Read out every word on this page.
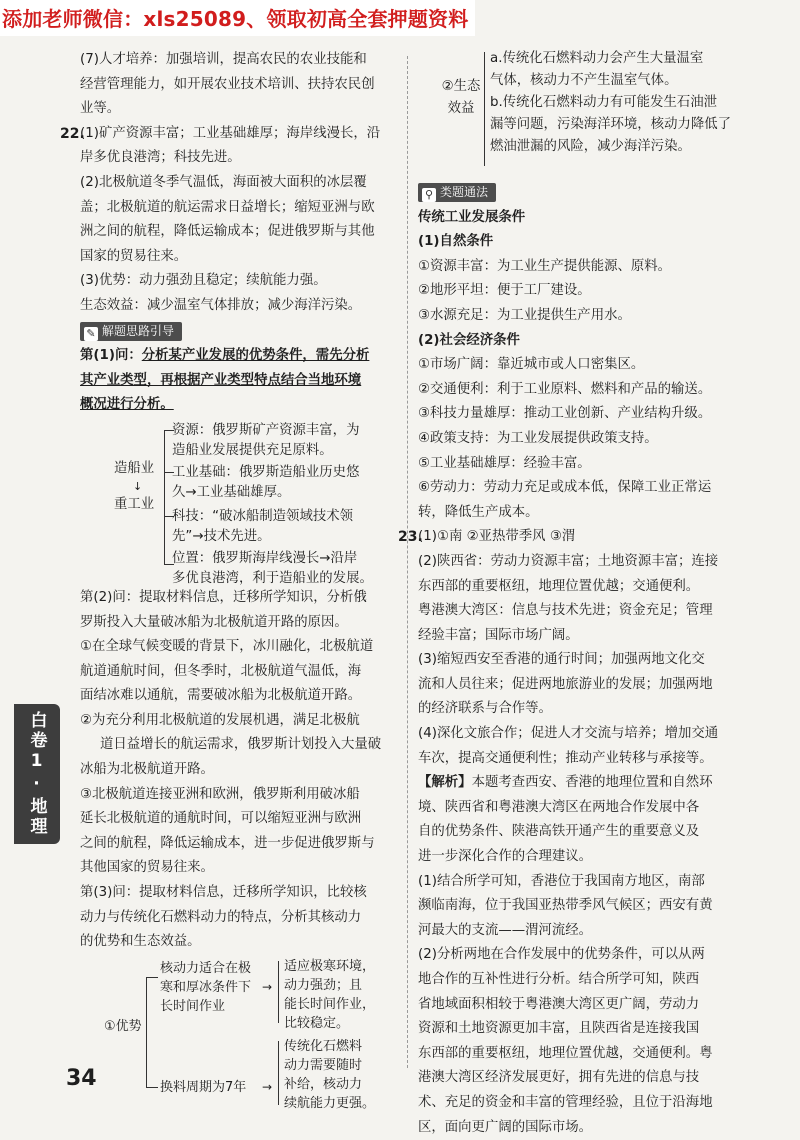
添加老师微信：xls25089、领取初高全套押题资料

(7)人才培养：加强培训，提高农民的农业技能和

经营管理能力，如开展农业技术培训、扶持农民创

业等。

22.

(1)矿产资源丰富；工业基础雄厚；海岸线漫长，沿

岸多优良港湾；科技先进。

(2)北极航道冬季气温低，海面被大面积的冰层覆

盖；北极航道的航运需求日益增长；缩短亚洲与欧

洲之间的航程，降低运输成本；促进俄罗斯与其他

国家的贸易往来。

(3)优势：动力强劲且稳定；续航能力强。

生态效益：减少温室气体排放；减少海洋污染。

✎ 解题思路引导

第(1)问：分析某产业发展的优势条件，需先分析

其产业类型，再根据产业类型特点结合当地环境

概况进行分析。

造船业
↓
重工业
资源：俄罗斯矿产资源丰富，为
造船业发展提供充足原料。
工业基础：俄罗斯造船业历史悠
久→工业基础雄厚。
科技：“破冰船制造领域技术领
先”→技术先进。
位置：俄罗斯海岸线漫长→沿岸
多优良港湾，利于造船业的发展。

第(2)问：提取材料信息，迁移所学知识，分析俄

罗斯投入大量破冰船为北极航道开路的原因。

①在全球气候变暖的背景下，冰川融化，北极航道

航道通航时间，但冬季时，北极航道气温低，海

面结冰难以通航，需要破冰船为北极航道开路。

②为充分利用北极航道的发展机遇，满足北极航

道日益增长的航运需求，俄罗斯计划投入大量破

冰船为北极航道开路。

③北极航道连接亚洲和欧洲，俄罗斯利用破冰船

延长北极航道的通航时间，可以缩短亚洲与欧洲

之间的航程，降低运输成本，进一步促进俄罗斯与

其他国家的贸易往来。

第(3)问：提取材料信息，迁移所学知识，比较核

动力与传统化石燃料动力的特点，分析其核动力

的优势和生态效益。

①优势
核动力适合在极
寒和厚冰条件下
长时间作业
→
适应极寒环境，
动力强劲；且
能长时间作业，
比较稳定。
换料周期为7年 →
传统化石燃料
动力需要随时
补给，核动力
续航能力更强。
②生态
效益
a.传统化石燃料动力会产生大量温室
气体，核动力不产生温室气体。
b.传统化石燃料动力有可能发生石油泄
漏等问题，污染海洋环境，核动力降低了
燃油泄漏的风险，减少海洋污染。
⚲ 类题通法

传统工业发展条件

(1)自然条件

①资源丰富：为工业生产提供能源、原料。

②地形平坦：便于工厂建设。

③水源充足：为工业提供生产用水。

(2)社会经济条件

①市场广阔：靠近城市或人口密集区。

②交通便利：利于工业原料、燃料和产品的输送。

③科技力量雄厚：推动工业创新、产业结构升级。

④政策支持：为工业发展提供政策支持。

⑤工业基础雄厚：经验丰富。

⑥劳动力：劳动力充足或成本低，保障工业正常运

转，降低生产成本。

23.

(1)①南 ②亚热带季风 ③渭

(2)陕西省：劳动力资源丰富；土地资源丰富；连接

东西部的重要枢纽，地理位置优越；交通便利。

粤港澳大湾区：信息与技术先进；资金充足；管理

经验丰富；国际市场广阔。

(3)缩短西安至香港的通行时间；加强两地文化交

流和人员往来；促进两地旅游业的发展；加强两地

的经济联系与合作等。

(4)深化文旅合作；促进人才交流与培养；增加交通

车次，提高交通便利性；推动产业转移与承接等。

【解析】本题考查西安、香港的地理位置和自然环

境、陕西省和粤港澳大湾区在两地合作发展中各

自的优势条件、陕港高铁开通产生的重要意义及

进一步深化合作的合理建议。

(1)结合所学可知，香港位于我国南方地区，南部

濒临南海，位于我国亚热带季风气候区；西安有黄

河最大的支流——渭河流经。

(2)分析两地在合作发展中的优势条件，可以从两

地合作的互补性进行分析。结合所学可知，陕西

省地域面积相较于粤港澳大湾区更广阔，劳动力

资源和土地资源更加丰富，且陕西省是连接我国

东西部的重要枢纽，地理位置优越，交通便利。粤

港澳大湾区经济发展更好，拥有先进的信息与技

术、充足的资金和丰富的管理经验，且位于沿海地

区，面向更广阔的国际市场。

白卷1·地理
34
